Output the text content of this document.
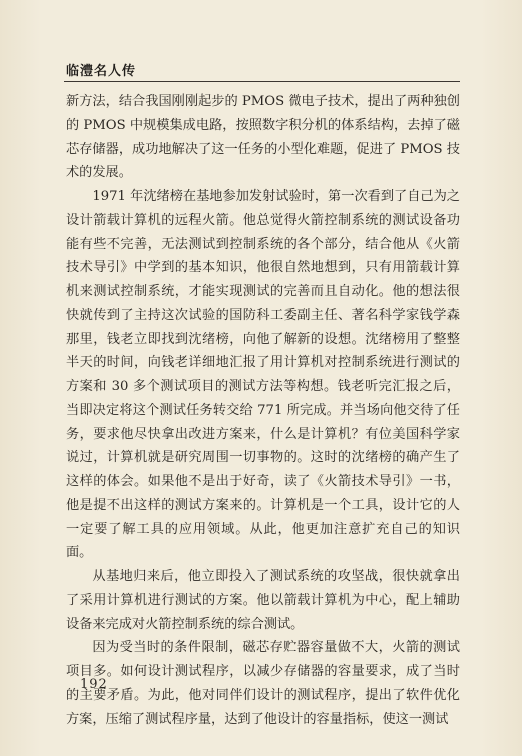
临澧名人传

新方法，结合我国刚刚起步的 PMOS 微电子技术，提出了两种独创的 PMOS 中规模集成电路，按照数字积分机的体系结构，去掉了磁芯存储器，成功地解决了这一任务的小型化难题，促进了 PMOS 技术的发展。

1971 年沈绪榜在基地参加发射试验时，第一次看到了自己为之设计箭载计算机的远程火箭。他总觉得火箭控制系统的测试设备功能有些不完善，无法测试到控制系统的各个部分，结合他从《火箭技术导引》中学到的基本知识，他很自然地想到，只有用箭载计算机来测试控制系统，才能实现测试的完善而且自动化。他的想法很快就传到了主持这次试验的国防科工委副主任、著名科学家钱学森那里，钱老立即找到沈绪榜，向他了解新的设想。沈绪榜用了整整半天的时间，向钱老详细地汇报了用计算机对控制系统进行测试的方案和 30 多个测试项目的测试方法等构想。钱老听完汇报之后，当即决定将这个测试任务转交给 771 所完成。并当场向他交待了任务，要求他尽快拿出改进方案来，什么是计算机？有位美国科学家说过，计算机就是研究周围一切事物的。这时的沈绪榜的确产生了这样的体会。如果他不是出于好奇，读了《火箭技术导引》一书，他是提不出这样的测试方案来的。计算机是一个工具，设计它的人一定要了解工具的应用领域。从此，他更加注意扩充自己的知识面。

从基地归来后，他立即投入了测试系统的攻坚战，很快就拿出了采用计算机进行测试的方案。他以箭载计算机为中心，配上辅助设备来完成对火箭控制系统的综合测试。

因为受当时的条件限制，磁芯存贮器容量做不大，火箭的测试项目多。如何设计测试程序，以减少存储器的容量要求，成了当时的主要矛盾。为此，他对同伴们设计的测试程序，提出了软件优化方案，压缩了测试程序量，达到了他设计的容量指标，使这一测试

192
